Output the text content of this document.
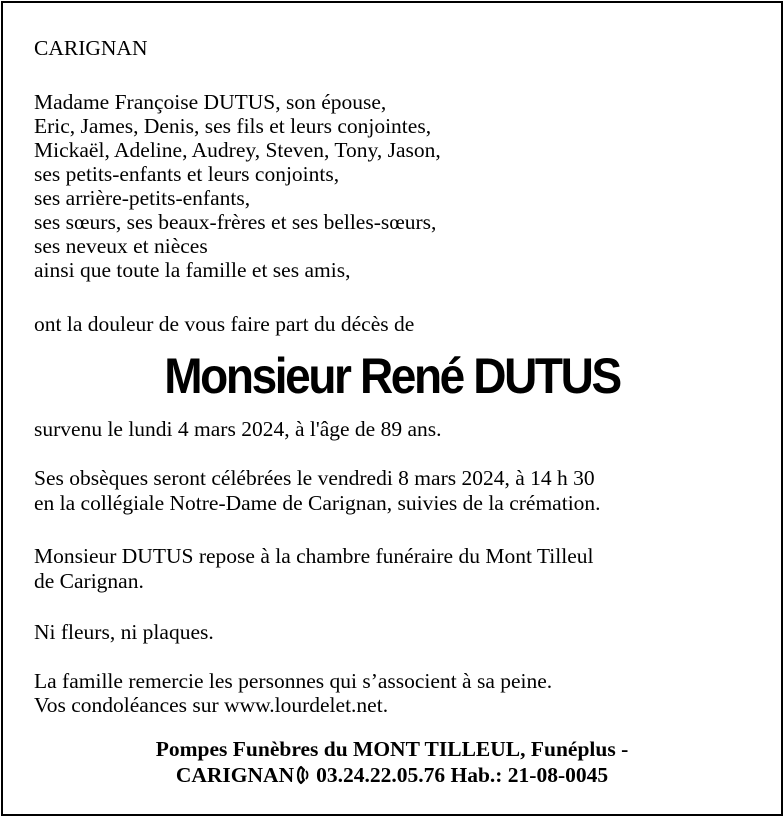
CARIGNAN
Madame Françoise DUTUS, son épouse,
Eric, James, Denis, ses fils et leurs conjointes,
Mickaël, Adeline, Audrey, Steven, Tony, Jason,
ses petits-enfants et leurs conjoints,
ses arrière-petits-enfants,
ses sœurs, ses beaux-frères et ses belles-sœurs,
ses neveux et nièces
ainsi que toute la famille et ses amis,
ont la douleur de vous faire part du décès de
Monsieur René DUTUS
survenu le lundi 4 mars 2024, à l'âge de 89 ans.
Ses obsèques seront célébrées le vendredi 8 mars 2024, à 14 h 30
en la collégiale Notre-Dame de Carignan, suivies de la crémation.
Monsieur DUTUS repose à la chambre funéraire du Mont Tilleul
de Carignan.
Ni fleurs, ni plaques.
La famille remercie les personnes qui s’associent à sa peine.
Vos condoléances sur www.lourdelet.net.
Pompes Funèbres du MONT TILLEUL, Funéplus -
CARIGNAN 03.24.22.05.76 Hab.: 21-08-0045
